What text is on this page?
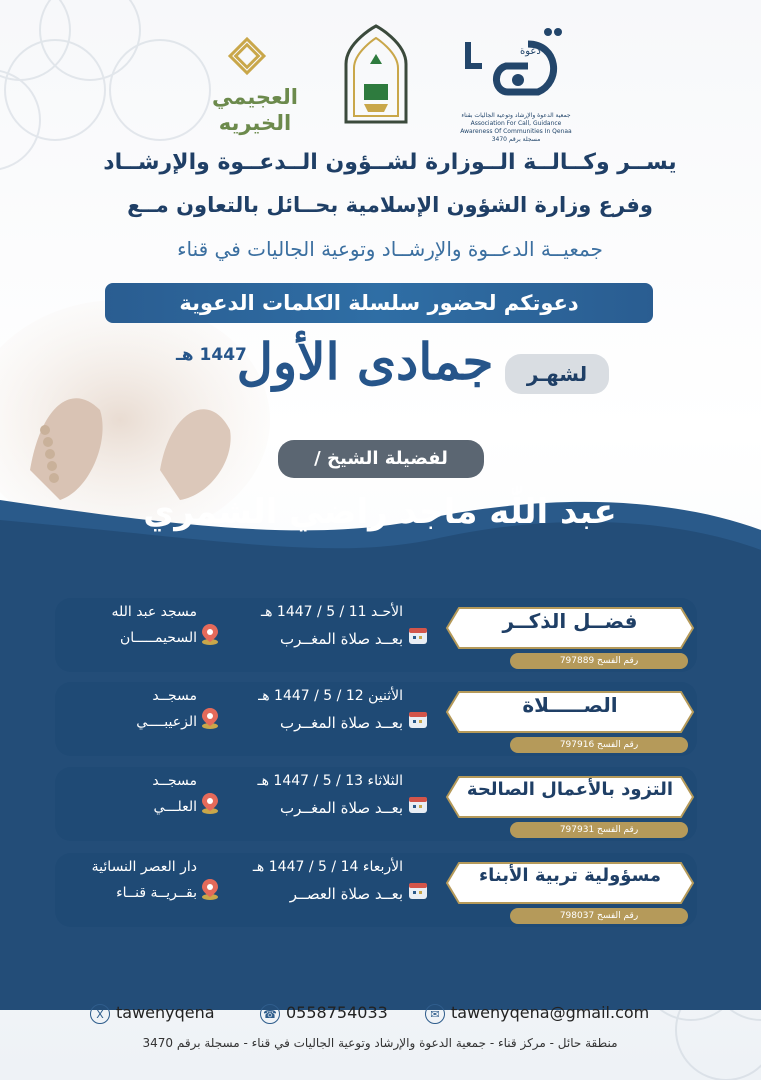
العجيمي
الخيريه
دعوة
جمعية الدعوة والإرشاد وتوعية الجاليات بقناء
Association For Call, Guidance Awareness Of Communities In Qenaa
مسجلة برقم 3470
يســر وكــالــة الــوزارة لشــؤون الــدعــوة والإرشــاد
وفرع وزارة الشؤون الإسلامية بحــائل بالتعاون مــع
جمعيــة الدعــوة والإرشــاد وتوعية الجاليات في قناء
دعوتكم لحضور سلسلة الكلمات الدعوية
لشهـر
جمادى الأول
1447 هـ
لفضيلة الشيخ /
عبد اللّٰه ماجد راضي الشمري
فضــل الذكــر
رقم الفسح 797889
الأحـد 11 / 5 / 1447 هـ
بعــد صلاة المغــرب
مسجد عبد الله
السحيمـــــان
الصـــــلاة
رقم الفسح 797916
الأثنين 12 / 5 / 1447 هـ
بعــد صلاة المغــرب
مسجــد
الزعيبــــي
التزود بالأعمال الصالحة
رقم الفسح 797931
الثلاثاء 13 / 5 / 1447 هـ
بعــد صلاة المغــرب
مسجــد
العلـــي
مسؤولية تربية الأبناء
رقم الفسح 798037
الأربعاء 14 / 5 / 1447 هـ
بعــد صلاة العصــر
دار العصر النسائية
بقــريــة قنــاء
X tawenyqena	☎ 0558754033	✉ tawenyqena@gmail.com
منطقة حائل - مركز قناء - جمعية الدعوة والإرشاد وتوعية الجاليات في قناء - مسجلة برقم 3470
